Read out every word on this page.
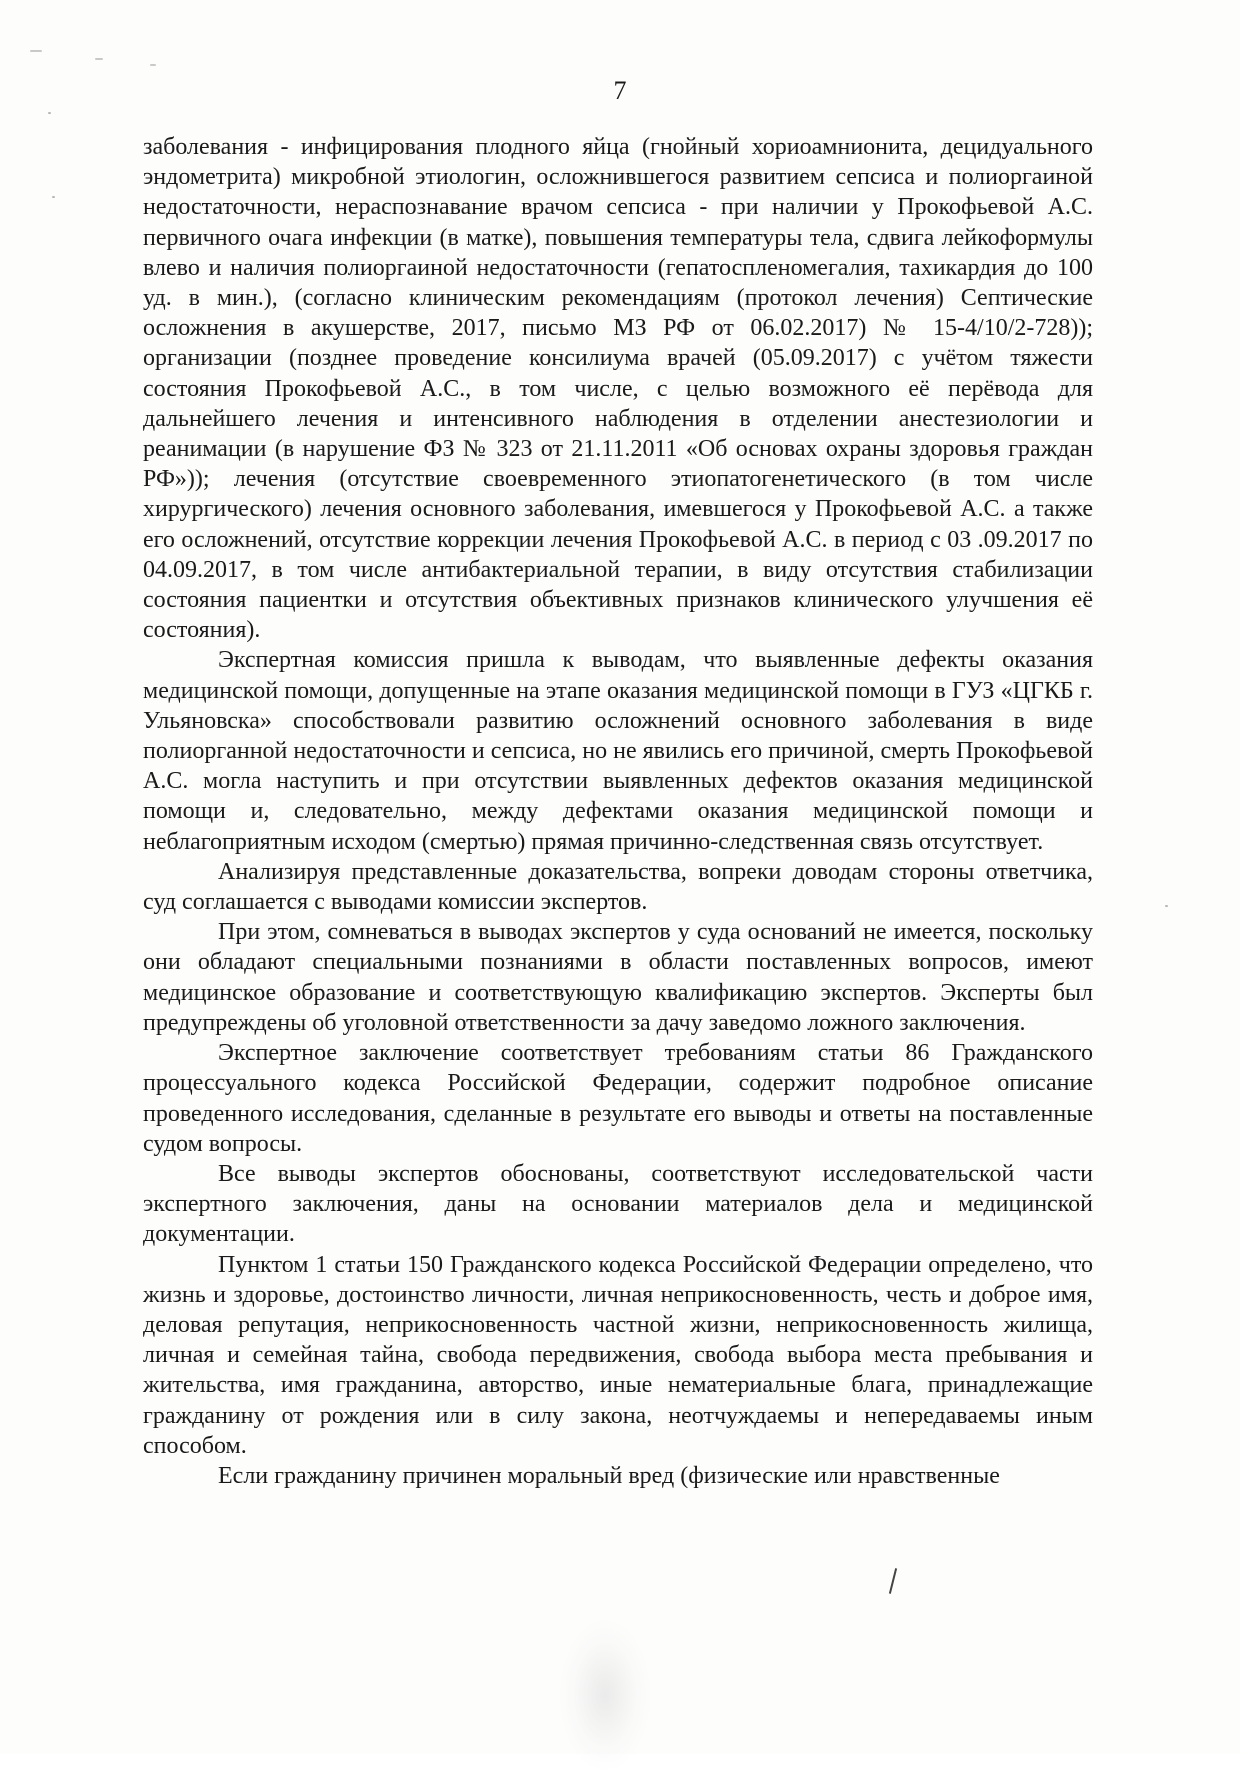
7

заболевания - инфицирования плодного яйца (гнойный хориоамнионита, децидуального эндометрита) микробной этиологин, осложнившегося развитием сепсиса и полиоргаиной недостаточности, нераспознавание врачом сепсиса - при наличии у Прокофьевой А.С. первичного очага инфекции (в матке), повышения температуры тела, сдвига лейкоформулы влево и наличия полиоргаиной недостаточности (гепатоспленомегалия, тахикардия до 100 уд. в мин.), (согласно клиническим рекомендациям (протокол лечения) Септические осложнения в акушерстве, 2017, письмо МЗ РФ от 06.02.2017) № 15-4/10/2-728)); организации (позднее проведение консилиума врачей (05.09.2017) с учётом тяжести состояния Прокофьевой А.С., в том числе, с целью возможного её перёвода для дальнейшего лечения и интенсивного наблюдения в отделении анестезиологии и реанимации (в нарушение ФЗ № 323 от 21.11.2011 «Об основах охраны здоровья граждан РФ»)); лечения (отсутствие своевременного этиопатогенетического (в том числе хирургического) лечения основного заболевания, имевшегося у Прокофьевой А.С. а также его осложнений, отсутствие коррекции лечения Прокофьевой А.С. в период с 03 .09.2017 по 04.09.2017, в том числе антибактериальной терапии, в виду отсутствия стабилизации состояния пациентки и отсутствия объективных признаков клинического улучшения её состояния).

Экспертная комиссия пришла к выводам, что выявленные дефекты оказания медицинской помощи, допущенные на этапе оказания медицинской помощи в ГУЗ «ЦГКБ г. Ульяновска» способствовали развитию осложнений основного заболевания в виде полиорганной недостаточности и сепсиса, но не явились его причиной, смерть Прокофьевой А.С. могла наступить и при отсутствии выявленных дефектов оказания медицинской помощи и, следовательно, между дефектами оказания медицинской помощи и неблагоприятным исходом (смертью) прямая причинно-следственная связь отсутствует.

Анализируя представленные доказательства, вопреки доводам стороны ответчика, суд соглашается с выводами комиссии экспертов.

При этом, сомневаться в выводах экспертов у суда оснований не имеется, поскольку они обладают специальными познаниями в области поставленных вопросов, имеют медицинское образование и соответствующую квалификацию экспертов. Эксперты был предупреждены об уголовной ответственности за дачу заведомо ложного заключения.

Экспертное заключение соответствует требованиям статьи 86 Гражданского процессуального кодекса Российской Федерации, содержит подробное описание проведенного исследования, сделанные в результате его выводы и ответы на поставленные судом вопросы.

Все выводы экспертов обоснованы, соответствуют исследовательской части экспертного заключения, даны на основании материалов дела и медицинской документации.

Пунктом 1 статьи 150 Гражданского кодекса Российской Федерации определено, что жизнь и здоровье, достоинство личности, личная неприкосновенность, честь и доброе имя, деловая репутация, неприкосновенность частной жизни, неприкосновенность жилища, личная и семейная тайна, свобода передвижения, свобода выбора места пребывания и жительства, имя гражданина, авторство, иные нематериальные блага, принадлежащие гражданину от рождения или в силу закона, неотчуждаемы и непередаваемы иным способом.

Если гражданину причинен моральный вред (физические или нравственные
